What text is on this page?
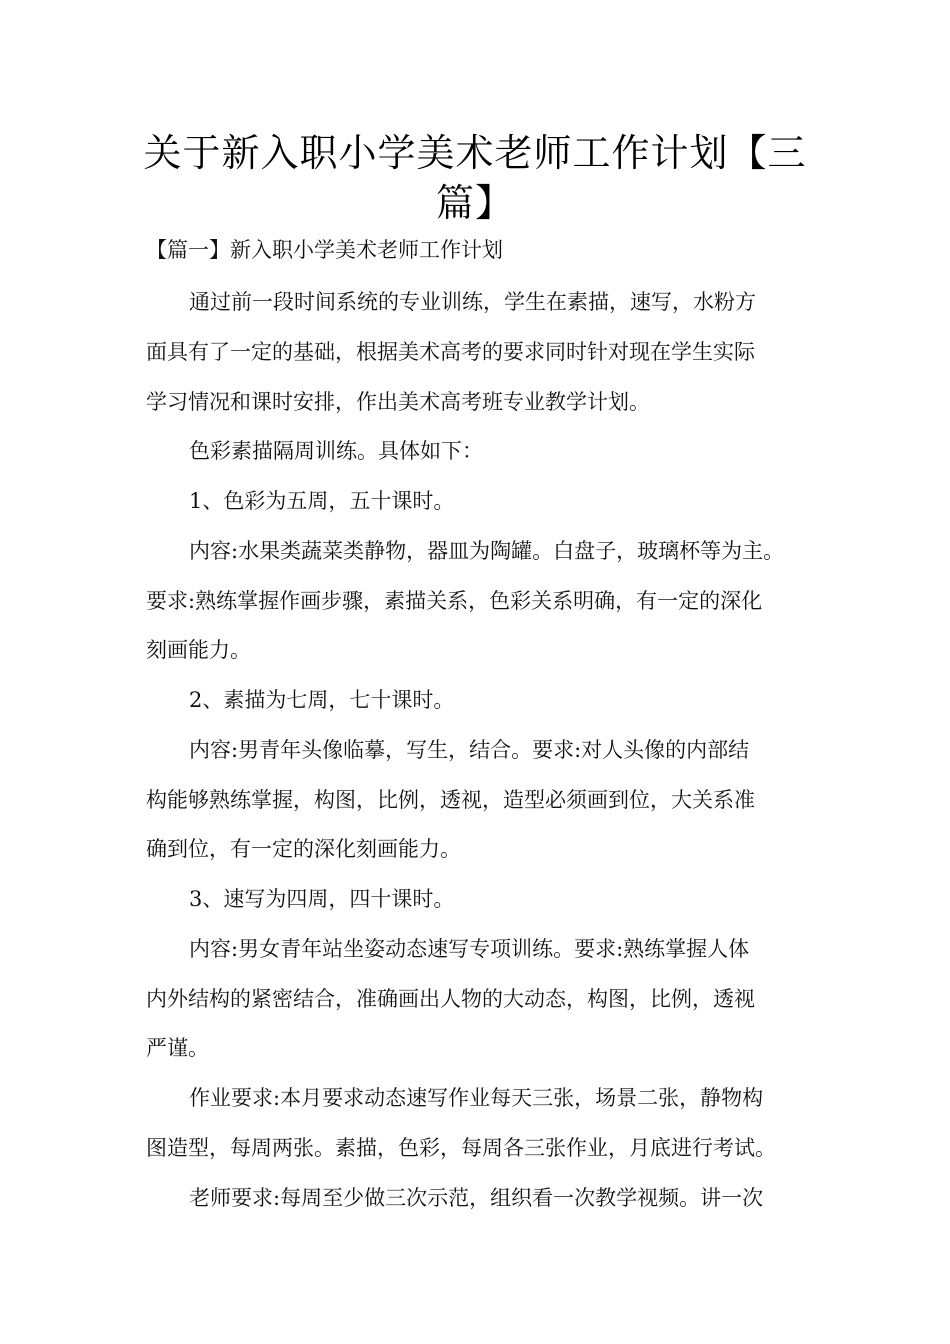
关于新入职小学美术老师工作计划【三
篇】
【篇一】新入职小学美术老师工作计划
通过前一段时间系统的专业训练，学生在素描，速写，水粉方
面具有了一定的基础，根据美术高考的要求同时针对现在学生实际
学习情况和课时安排，作出美术高考班专业教学计划。
色彩素描隔周训练。具体如下：
1、色彩为五周，五十课时。
内容:水果类蔬菜类静物，器皿为陶罐。白盘子，玻璃杯等为主。
要求:熟练掌握作画步骤，素描关系，色彩关系明确，有一定的深化
刻画能力。
2、素描为七周，七十课时。
内容:男青年头像临摹，写生，结合。要求:对人头像的内部结
构能够熟练掌握，构图，比例，透视，造型必须画到位，大关系准
确到位，有一定的深化刻画能力。
3、速写为四周，四十课时。
内容:男女青年站坐姿动态速写专项训练。要求:熟练掌握人体
内外结构的紧密结合，准确画出人物的大动态，构图，比例，透视
严谨。
作业要求:本月要求动态速写作业每天三张，场景二张，静物构
图造型，每周两张。素描，色彩，每周各三张作业，月底进行考试。
老师要求:每周至少做三次示范，组织看一次教学视频。讲一次
